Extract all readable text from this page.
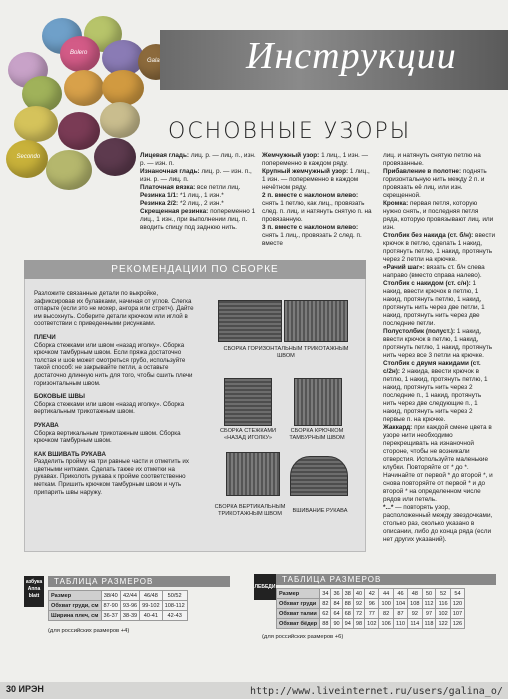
Bolero
Gala
Secondo
Инструкции
ОСНОВНЫЕ УЗОРЫ
Лицевая гладь: лиц. р. — лиц. п., изн. р. — изн. п.
Изнаночная гладь: лиц. р. — изн. п., изн. р. — лиц. п.
Платочная вязка: все петли лиц.
Резинка 1/1: *1 лиц., 1 изн.*
Резинка 2/2: *2 лиц., 2 изн.*
Скрещенная резинка: попеременно 1 лиц., 1 изн., при выполнении лиц. п. вводить спицу под заднюю нить.
Жемчужный узор: 1 лиц., 1 изн. — попеременно в каждом ряду.
Крупный жемчужный узор: 1 лиц., 1 изн. — попеременно в каждом нечётном ряду.
2 п. вместе с наклоном влево: снять 1 петлю, как лиц., провязать след. п. лиц. и натянуть снятую п. на провязанную.
3 п. вместе с наклоном влево: снять 1 лиц., провязать 2 след. п. вместе
лиц. и натянуть снятую петлю на провязанные.
Прибавление в полотне: поднять горизонтальную нить между 2 п. и провязать её лиц. или изн. скрещенной.
Кромка: первая петля, которую нужно снять, и последняя петля ряда, которую провязывают лиц. или изн.
Столбик без накида (ст. б/н): ввести крючок в петлю, сделать 1 накид, протянуть петлю, 1 накид, протянуть через 2 петли на крючке.
«Рачий шаг»: вязать ст. б/н слева направо (вместо справа налево).
Столбик с накидом (ст. с/н): 1 накид, ввести крючок в петлю, 1 накид, протянуть петлю, 1 накид, протянуть нить через две петли, 1 накид, протянуть нить через две последние петли.
Полустолбик (полуст.): 1 накид, ввести крючок в петлю, 1 накид, протянуть петлю, 1 накид, протянуть нить через все 3 петли на крючке.
Столбик с двумя накидами (ст. с/2н): 2 накида, ввести крючок в петлю, 1 накид, протянуть петлю, 1 накид, протянуть нить через 2 последние п., 1 накид, протянуть нить через две следующие п., 1 накид, протянуть нить через 2 первые п. на крючке.
Жаккард: при каждой смене цвета в узоре нити необходимо перекрещивать на изнаночной стороне, чтобы не возникали отверстия. Используйте маленькие клубки. Повторяйте от * до *. Начинайте от первой * до второй *, и снова повторяйте от первой * и до второй * на определенном числе рядов или петель.
*...* — повторять узор, расположенный между звездочками, столько раз, сколько указано в описании, либо до конца ряда (если нет других указаний).
РЕКОМЕНДАЦИИ ПО СБОРКЕ
Разложите связанные детали по выкройке, зафиксировав их булавками, начиная от углов. Слегка отпарьте (если это не мохер, ангора или стретч). Дайте им высохнуть. Соберите детали крючком или иглой в соответствии с приведенными рисунками.
ПЛЕЧИ
Сборка стежками или швом «назад иголку». Сборка крючком тамбурным швом. Если пряжа достаточно толстая и шов может смотреться грубо, используйте такой способ: не закрывайте петли, а оставьте достаточно длинную нить для того, чтобы сшить плечи горизонтальным швом.
БОКОВЫЕ ШВЫ
Сборка стежками или швом «назад иголку». Сборка вертикальным трикотажным швом.
РУКАВА
Сборка вертикальным трикотажным швом. Сборка крючком тамбурным швом.
КАК ВШИВАТЬ РУКАВА
Разделить пройму на три равные части и отметить их цветными нитками. Сделать также их отметки на рукавах. Приколоть рукава к пройме соответственно меткам. Пришить крючком тамбурным швом и чуть припарить швы наружу.
СБОРКА ГОРИЗОНТАЛЬНЫМ ТРИКОТАЖНЫМ ШВОМ
СБОРКА СТЕЖКАМИ «НАЗАД ИГОЛКУ»
СБОРКА КРЮЧКОМ ТАМБУРНЫМ ШВОМ
СБОРКА ВЕРТИКАЛЬНЫМ ТРИКОТАЖНЫМ ШВОМ	ВШИВАНИЕ РУКАВА
азбука Anna blatt
ТАБЛИЦА РАЗМЕРОВ
Размер	38/40	42/44	46/48	50/52
Обхват груди, см	87-90	93-96	99-102	108-112
Ширина плеч, см	36-37	38-39	40-41	42-43
(для российских размеров +4)
ЛЕБЕДИ
ТАБЛИЦА РАЗМЕРОВ
Размер	34	36	38	40	42	44	46	48	50	52	54
Обхват груди	82	84	88	92	96	100	104	108	112	116	120
Обхват талии	62	64	68	72	77	82	87	92	97	102	107
Обхват бёдер	88	90	94	98	102	106	110	114	118	122	126
(для российских размеров +6)
30 ИРЭН	http://www.liveinternet.ru/users/galina_o/
